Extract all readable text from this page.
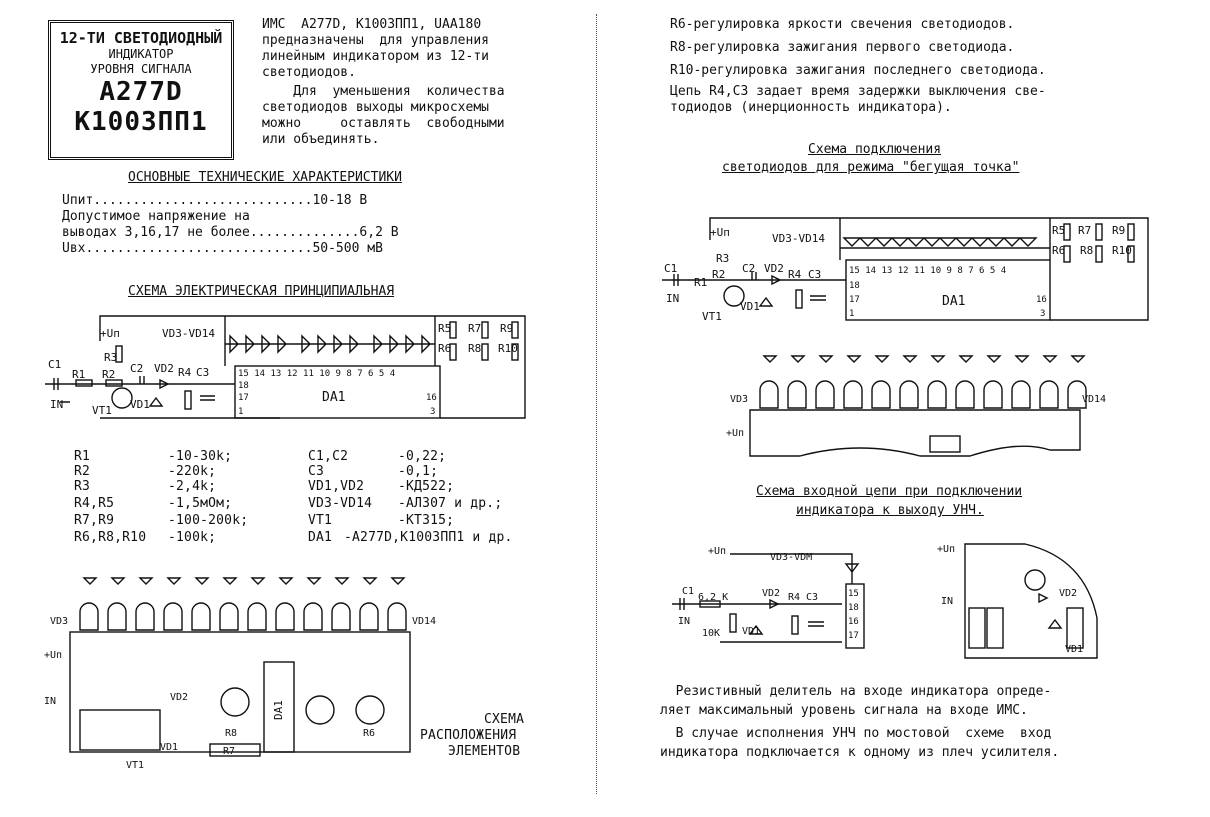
12-ТИ СВЕТОДИОДНЫЙ
ИНДИКАТОР
УРОВНЯ СИГНАЛА
А277D
К1003ПП1
ИМС  А277D, К1003ПП1, UAA180
предназначены  для управления
линейным индикатором из 12-ти
светодиодов.
Для  уменьшения  количества
светодиодов выходы микросхемы
можно     оставлять  свободными
или объединять.
ОСНОВНЫЕ ТЕХНИЧЕСКИЕ ХАРАКТЕРИСТИКИ
Uпит............................10-18 В
Допустимое напряжение на
выводах 3,16,17 не более..............6,2 В
Uвх.............................50-500 мВ
СХЕМА ЭЛЕКТРИЧЕСКАЯ ПРИНЦИПИАЛЬНАЯ
DA1
15 14 13 12 11 10 9 8 7 6 5 4
18
17
1
16
3
VD3-VD14
+Uп
C1
IN
R1 R2
R3
C2 VD2 R4 C3
VD1
VT1
R5
R6
R7
R8
R9
R10
R1	-10-30k;
R2	-220k;
R3	-2,4k;
R4,R5	-1,5мОм;
R7,R9	-100-200k;
R6,R8,R10 -100k;
C1,C2	-0,22;
C3	-0,1;
VD1,VD2	-КД522;
VD3-VD14 -АЛ307 и др.;
VT1	-КТ315;
DA1 -А277D,К1003ПП1 и др.
VD3	VD14
+Uп
IN	DA1
R8	R6
R7
VD2
VD1
VT1
СХЕМА
РАСПОЛОЖЕНИЯ
ЭЛЕМЕНТОВ
R6-регулировка яркости свечения светодиодов.
R8-регулировка зажигания первого светодиода.
R10-регулировка зажигания последнего светодиода.
Цепь R4,C3 задает время задержки выключения све-
тодиодов (инерционность индикатора).
Схема подключения
светодиодов для режима "бегущая точка"
DA1
15 14 13 12 11 10 9 8 7 6 5 4
18
17
1
16
3
VD3-VD14
+Uп
C1
IN
R2
R3
R1
C2 VD2 R4 C3
VD1
VT1
R5
R6
R7
R8
R9
R10
VD3	VD14
+Uп
Схема входной цепи при подключении
индикатора к выходу УНЧ.
+Uп
VD3-VDМ
C1
6,2 K
IN
10K VD1
VD2 R4 C3	15
18
16
17
+Uп
IN
VD2
VD1
Резистивный делитель на входе индикатора опреде-
ляет максимальный уровень сигнала на входе ИМС.
В случае исполнения УНЧ по мостовой  схеме  вход
индикатора подключается к одному из плеч усилителя.
